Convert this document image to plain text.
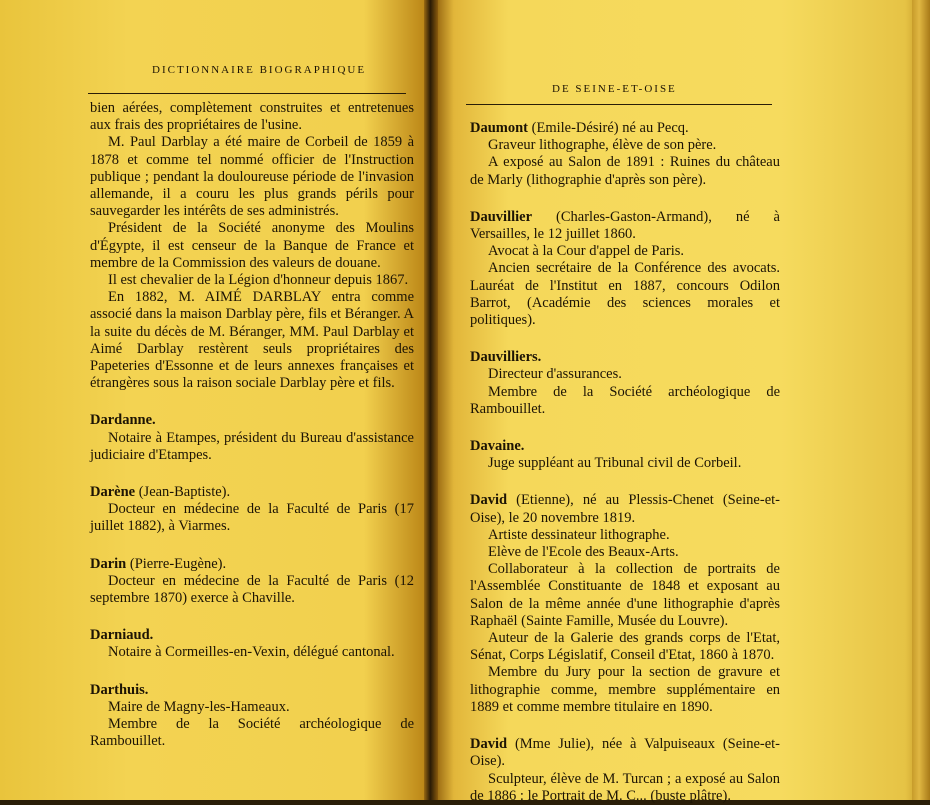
DICTIONNAIRE BIOGRAPHIQUE
DE SEINE-ET-OISE

bien aérées, complètement construites et entretenues aux frais des propriétaires de l'usine.

M. Paul Darblay a été maire de Corbeil de 1859 à 1878 et comme tel nommé officier de l'Instruction publique ; pendant la douloureuse période de l'invasion allemande, il a couru les plus grands périls pour sauvegarder les intérêts de ses administrés.

Président de la Société anonyme des Moulins d'Égypte, il est censeur de la Banque de France et membre de la Commission des valeurs de douane.

Il est chevalier de la Légion d'honneur depuis 1867.

En 1882, M. AIMÉ DARBLAY entra comme associé dans la maison Darblay père, fils et Béranger. A la suite du décès de M. Béranger, MM. Paul Darblay et Aimé Darblay restèrent seuls propriétaires des Papeteries d'Essonne et de leurs annexes françaises et étrangères sous la raison sociale Darblay père et fils.

Dardanne.

Notaire à Etampes, président du Bureau d'assistance judiciaire d'Etampes.

Darène (Jean-Baptiste).

Docteur en médecine de la Faculté de Paris (17 juillet 1882), à Viarmes.

Darin (Pierre-Eugène).

Docteur en médecine de la Faculté de Paris (12 septembre 1870) exerce à Chaville.

Darniaud.

Notaire à Cormeilles-en-Vexin, délégué cantonal.

Darthuis.

Maire de Magny-les-Hameaux.

Membre de la Société archéologique de Rambouillet.

Daumont (Emile-Désiré) né au Pecq.

Graveur lithographe, élève de son père.

A exposé au Salon de 1891 : Ruines du château de Marly (lithographie d'après son père).

Dauvillier (Charles-Gaston-Armand), né à Versailles, le 12 juillet 1860.

Avocat à la Cour d'appel de Paris.

Ancien secrétaire de la Conférence des avocats. Lauréat de l'Institut en 1887, concours Odilon Barrot, (Académie des sciences morales et politiques).

Dauvilliers.

Directeur d'assurances.

Membre de la Société archéologique de Rambouillet.

Davaine.

Juge suppléant au Tribunal civil de Corbeil.

David (Etienne), né au Plessis-Chenet (Seine-et-Oise), le 20 novembre 1819.

Artiste dessinateur lithographe.

Elève de l'Ecole des Beaux-Arts.

Collaborateur à la collection de portraits de l'Assemblée Constituante de 1848 et exposant au Salon de la même année d'une lithographie d'après Raphaël (Sainte Famille, Musée du Louvre).

Auteur de la Galerie des grands corps de l'Etat, Sénat, Corps Législatif, Conseil d'Etat, 1860 à 1870.

Membre du Jury pour la section de gravure et lithographie comme, membre supplémentaire en 1889 et comme membre titulaire en 1890.

David (Mme Julie), née à Valpuiseaux (Seine-et-Oise).

Sculpteur, élève de M. Turcan ; a exposé au Salon de 1886 : le Portrait de M. C... (buste plâtre).
